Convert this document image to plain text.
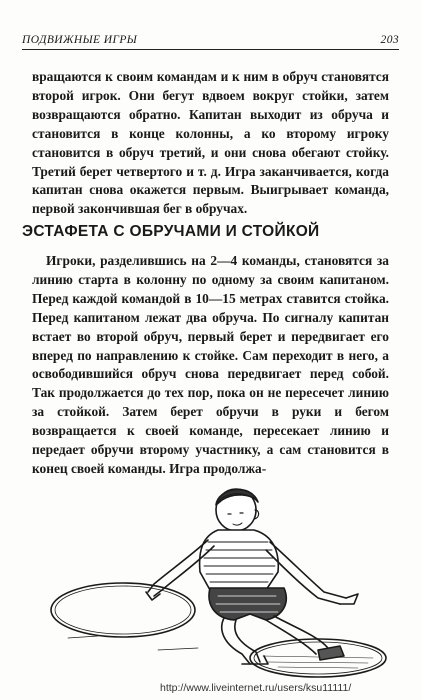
ПОДВИЖНЫЕ ИГРЫ	203

вращаются к своим командам и к ним в обруч становятся второй игрок. Они бегут вдвоем вокруг стойки, затем возвращаются обратно. Капитан выходит из обруча и становится в конце колонны, а ко второму игроку становится в обруч третий, и они снова обегают стойку. Третий берет четвертого и т. д. Игра заканчивается, когда капитан снова окажется первым. Выигрывает команда, первой закончившая бег в обручах.

ЭСТАФЕТА С ОБРУЧАМИ И СТОЙКОЙ

Игроки, разделившись на 2—4 команды, становятся за линию старта в колонну по одному за своим капитаном. Перед каждой командой в 10—15 метрах ставится стойка. Перед капитаном лежат два обруча. По сигналу капитан встает во второй обруч, первый берет и передвигает его вперед по направлению к стойке. Сам переходит в него, а освободившийся обруч снова передвигает перед собой. Так продолжается до тех пор, пока он не пересечет линию за стойкой. Затем берет обручи в руки и бегом возвращается к своей команде, пересекает линию и передает обручи второму участнику, а сам становится в конец своей команды. Игра продолжа-

http://www.liveinternet.ru/users/ksu11111/
